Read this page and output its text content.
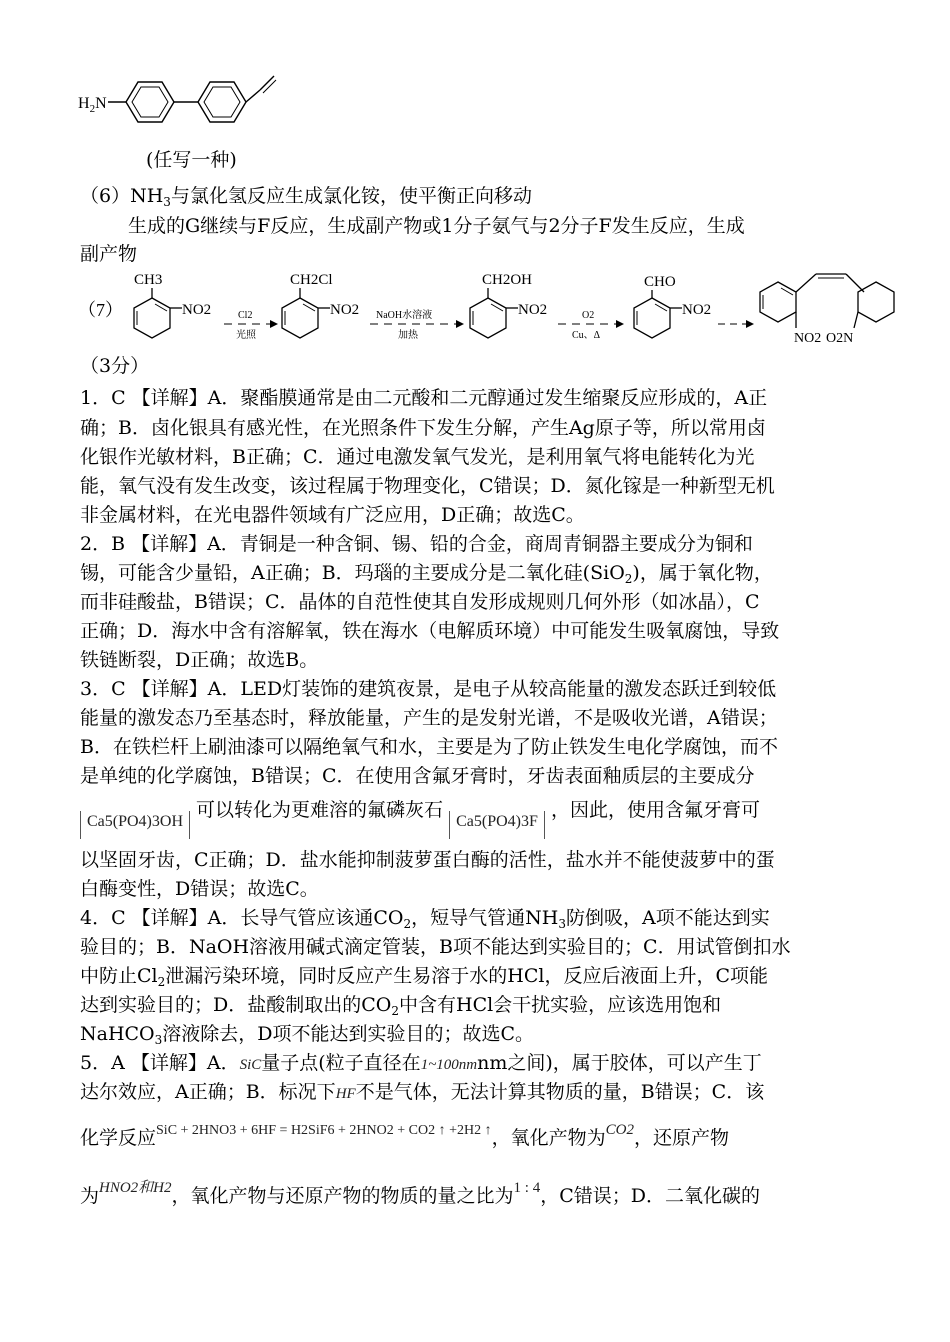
$H_2N$
(任写一种)
$(6)NH_3$与氯化氢反应生成氯化铵，使平衡正向移动
生成的G继续与F反应，生成副产物或1分子氨气与2分子F发生反应，生成
副产物
（7）
CH3
NO2	Cl2
光照
CH2Cl
NO2 NaOH水溶液
加热
CH2OH
NO2	O2
Cu、Δ
CHO
NO2
NO2 O2N
（3分）
1．C 【详解】A．聚酯膜通常是由二元酸和二元醇通过发生缩聚反应形成的，A正
确；B．卤化银具有感光性，在光照条件下发生分解，产生Ag原子等，所以常用卤
化银作光敏材料，B正确；C．通过电激发氧气发光，是利用氧气将电能转化为光
能，氧气没有发生改变，该过程属于物理变化，C错误；D．氮化镓是一种新型无机
非金属材料，在光电器件领域有广泛应用，D正确；故选C。
2．B 【详解】A．青铜是一种含铜、锡、铅的合金，商周青铜器主要成分为铜和
锡，可能含少量铅，A正确；B．玛瑙的主要成分是二氧化硅(SiO$_2$)，属于氧化物，
而非硅酸盐，B错误；C．晶体的自范性使其自发形成规则几何外形（如冰晶），C
正确；D．海水中含有溶解氧，铁在海水（电解质环境）中可能发生吸氧腐蚀，导致
铁链断裂，D正确；故选B。
3．C 【详解】A．LED灯装饰的建筑夜景，是电子从较高能量的激发态跃迁到较低
能量的激发态乃至基态时，释放能量，产生的是发射光谱，不是吸收光谱，A错误；
B．在铁栏杆上刷油漆可以隔绝氧气和水，主要是为了防止铁发生电化学腐蚀，而不
是单纯的化学腐蚀，B错误；C．在使用含氟牙膏时，牙齿表面釉质层的主要成分
Ca5(PO4)3OH 可以转化为更难溶的氟磷灰石 Ca5(PO4)3F ，因此，使用含氟牙膏可
以坚固牙齿，C正确；D．盐水能抑制菠萝蛋白酶的活性，盐水并不能使菠萝中的蛋
白酶变性，D错误；故选C。
4．C 【详解】A．长导气管应该通$CO_2$，短导气管通$NH_3$防倒吸，A项不能达到实
验目的；B．NaOH溶液用碱式滴定管装，B项不能达到实验目的；C．用试管倒扣水
中防止$Cl_2$泄漏污染环境，同时反应产生易溶于水的HCl，反应后液面上升，C项能
达到实验目的；D．盐酸制取出的$CO_2$中含有HCl会干扰实验，应该选用饱和
NaHCO$_3$溶液除去，D项不能达到实验目的；故选C。
5．A 【详解】A．SiC量子点(粒子直径在1~100nmnm之间)，属于胶体，可以产生丁
达尔效应，A正确；B．标况下HF不是气体，无法计算其物质的量，B错误；C．该
化学反应$^{SiC + 2HNO3 + 6HF = H2SiF6 + 2HNO2 + CO2 ↑ +2H2 ↑}$，氧化产物为$^{CO2}$，还原产物
为$^{HNO2和H2}$，氧化产物与还原产物的物质的量之比为$^{1 : 4}$，C错误；D．二氧化碳的
